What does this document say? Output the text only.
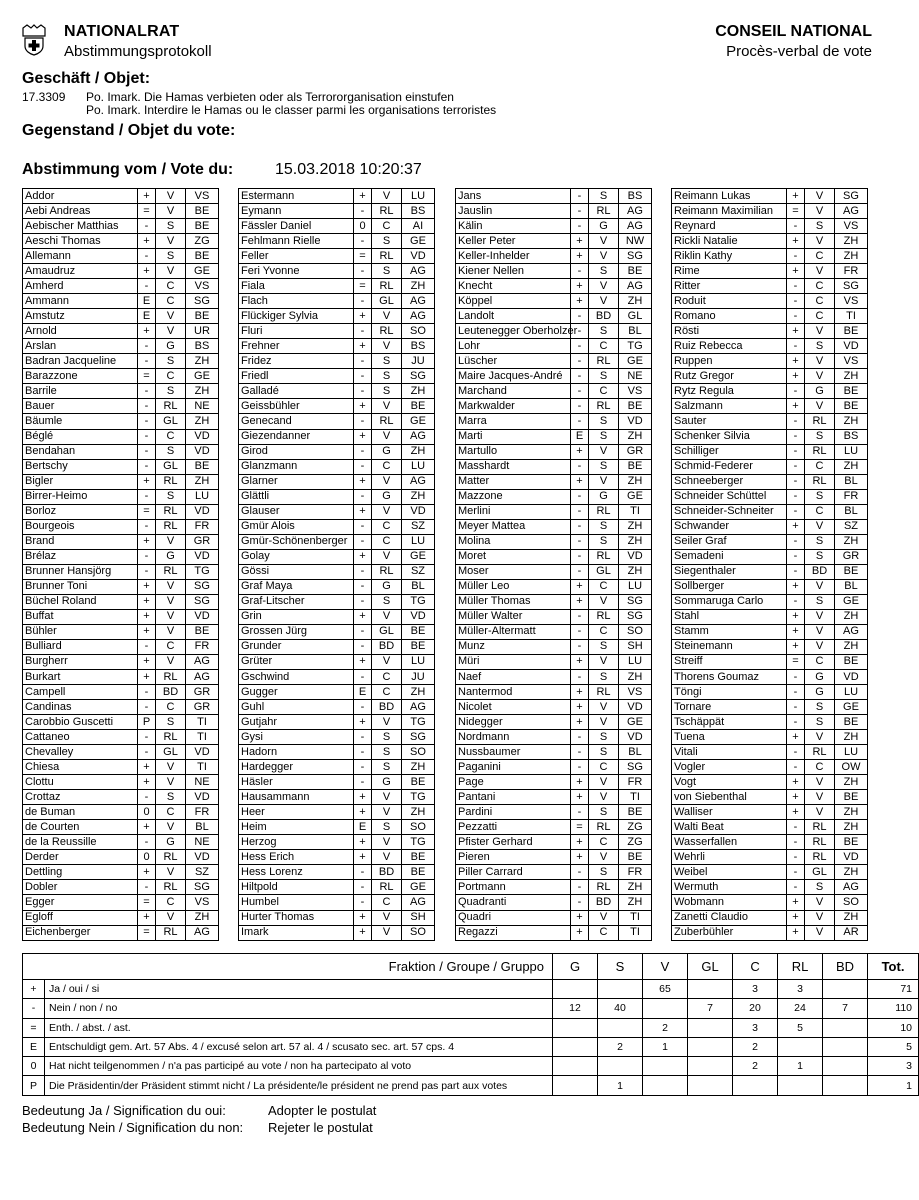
NATIONALRAT
Abstimmungsprotokoll
CONSEIL NATIONAL
Procès-verbal de vote
Geschäft / Objet:
17.3309 Po. Imark. Die Hamas verbieten oder als Terrororganisation einstufen
Po. Imark. Interdire le Hamas ou le classer parmi les organisations terroristes
Gegenstand / Objet du vote:
Abstimmung vom / Vote du:	15.03.2018 10:20:37
Addor	+	V	VS
Aebi Andreas	=	V	BE
Aebischer Matthias	-	S	BE
Aeschi Thomas	+	V	ZG
Allemann	-	S	BE
Amaudruz	+	V	GE
Amherd	-	C	VS
Ammann	E	C	SG
Amstutz	E	V	BE
Arnold	+	V	UR
Arslan	-	G	BS
Badran Jacqueline	-	S	ZH
Barazzone	=	C	GE
Barrile	-	S	ZH
Bauer	-	RL	NE
Bäumle	-	GL	ZH
Béglé	-	C	VD
Bendahan	-	S	VD
Bertschy	-	GL	BE
Bigler	+	RL	ZH
Birrer-Heimo	-	S	LU
Borloz	=	RL	VD
Bourgeois	-	RL	FR
Brand	+	V	GR
Brélaz	-	G	VD
Brunner Hansjörg	-	RL	TG
Brunner Toni	+	V	SG
Büchel Roland	+	V	SG
Buffat	+	V	VD
Bühler	+	V	BE
Bulliard	-	C	FR
Burgherr	+	V	AG
Burkart	+	RL	AG
Campell	-	BD	GR
Candinas	-	C	GR
Carobbio Guscetti	P	S	TI
Cattaneo	-	RL	TI
Chevalley	-	GL	VD
Chiesa	+	V	TI
Clottu	+	V	NE
Crottaz	-	S	VD
de Buman	0	C	FR
de Courten	+	V	BL
de la Reussille	-	G	NE
Derder	0	RL	VD
Dettling	+	V	SZ
Dobler	-	RL	SG
Egger	=	C	VS
Egloff	+	V	ZH
Eichenberger	=	RL	AG
Estermann	+	V	LU
Eymann	-	RL	BS
Fässler Daniel	0	C	AI
Fehlmann Rielle	-	S	GE
Feller	=	RL	VD
Feri Yvonne	-	S	AG
Fiala	=	RL	ZH
Flach	-	GL	AG
Flückiger Sylvia	+	V	AG
Fluri	-	RL	SO
Frehner	+	V	BS
Fridez	-	S	JU
Friedl	-	S	SG
Galladé	-	S	ZH
Geissbühler	+	V	BE
Genecand	-	RL	GE
Giezendanner	+	V	AG
Girod	-	G	ZH
Glanzmann	-	C	LU
Glarner	+	V	AG
Glättli	-	G	ZH
Glauser	+	V	VD
Gmür Alois	-	C	SZ
Gmür-Schönenberger	-	C	LU
Golay	+	V	GE
Gössi	-	RL	SZ
Graf Maya	-	G	BL
Graf-Litscher	-	S	TG
Grin	+	V	VD
Grossen Jürg	-	GL	BE
Grunder	-	BD	BE
Grüter	+	V	LU
Gschwind	-	C	JU
Gugger	E	C	ZH
Guhl	-	BD	AG
Gutjahr	+	V	TG
Gysi	-	S	SG
Hadorn	-	S	SO
Hardegger	-	S	ZH
Häsler	-	G	BE
Hausammann	+	V	TG
Heer	+	V	ZH
Heim	E	S	SO
Herzog	+	V	TG
Hess Erich	+	V	BE
Hess Lorenz	-	BD	BE
Hiltpold	-	RL	GE
Humbel	-	C	AG
Hurter Thomas	+	V	SH
Imark	+	V	SO
Jans	-	S	BS
Jauslin	-	RL	AG
Kälin	-	G	AG
Keller Peter	+	V	NW
Keller-Inhelder	+	V	SG
Kiener Nellen	-	S	BE
Knecht	+	V	AG
Köppel	+	V	ZH
Landolt	-	BD	GL
Leutenegger Oberholzer	-	S	BL
Lohr	-	C	TG
Lüscher	-	RL	GE
Maire Jacques-André	-	S	NE
Marchand	-	C	VS
Markwalder	-	RL	BE
Marra	-	S	VD
Marti	E	S	ZH
Martullo	+	V	GR
Masshardt	-	S	BE
Matter	+	V	ZH
Mazzone	-	G	GE
Merlini	-	RL	TI
Meyer Mattea	-	S	ZH
Molina	-	S	ZH
Moret	-	RL	VD
Moser	-	GL	ZH
Müller Leo	+	C	LU
Müller Thomas	+	V	SG
Müller Walter	-	RL	SG
Müller-Altermatt	-	C	SO
Munz	-	S	SH
Müri	+	V	LU
Naef	-	S	ZH
Nantermod	+	RL	VS
Nicolet	+	V	VD
Nidegger	+	V	GE
Nordmann	-	S	VD
Nussbaumer	-	S	BL
Paganini	-	C	SG
Page	+	V	FR
Pantani	+	V	TI
Pardini	-	S	BE
Pezzatti	=	RL	ZG
Pfister Gerhard	+	C	ZG
Pieren	+	V	BE
Piller Carrard	-	S	FR
Portmann	-	RL	ZH
Quadranti	-	BD	ZH
Quadri	+	V	TI
Regazzi	+	C	TI
Reimann Lukas	+	V	SG
Reimann Maximilian	=	V	AG
Reynard	-	S	VS
Rickli Natalie	+	V	ZH
Riklin Kathy	-	C	ZH
Rime	+	V	FR
Ritter	-	C	SG
Roduit	-	C	VS
Romano	-	C	TI
Rösti	+	V	BE
Ruiz Rebecca	-	S	VD
Ruppen	+	V	VS
Rutz Gregor	+	V	ZH
Rytz Regula	-	G	BE
Salzmann	+	V	BE
Sauter	-	RL	ZH
Schenker Silvia	-	S	BS
Schilliger	-	RL	LU
Schmid-Federer	-	C	ZH
Schneeberger	-	RL	BL
Schneider Schüttel	-	S	FR
Schneider-Schneiter	-	C	BL
Schwander	+	V	SZ
Seiler Graf	-	S	ZH
Semadeni	-	S	GR
Siegenthaler	-	BD	BE
Sollberger	+	V	BL
Sommaruga Carlo	-	S	GE
Stahl	+	V	ZH
Stamm	+	V	AG
Steinemann	+	V	ZH
Streiff	=	C	BE
Thorens Goumaz	-	G	VD
Töngi	-	G	LU
Tornare	-	S	GE
Tschäppät	-	S	BE
Tuena	+	V	ZH
Vitali	-	RL	LU
Vogler	-	C	OW
Vogt	+	V	ZH
von Siebenthal	+	V	BE
Walliser	+	V	ZH
Walti Beat	-	RL	ZH
Wasserfallen	-	RL	BE
Wehrli	-	RL	VD
Weibel	-	GL	ZH
Wermuth	-	S	AG
Wobmann	+	V	SO
Zanetti Claudio	+	V	ZH
Zuberbühler	+	V	AR
Fraktion / Groupe / Gruppo		G	S	V	GL	C	RL	BD	Tot.
+	Ja / oui / si			65		3	3		71
-	Nein / non / no	12	40		7	20	24	7	110
=	Enth. / abst. / ast.			2		3	5		10
E	Entschuldigt gem. Art. 57 Abs. 4 / excusé selon art. 57 al. 4 / scusato sec. art. 57 cps. 4		2	1		2			5
0	Hat nicht teilgenommen / n'a pas participé au vote / non ha partecipato al voto					2	1		3
P	Die Präsidentin/der Präsident stimmt nicht / La présidente/le président ne prend pas part aux votes		1						1
Bedeutung Ja / Signification du oui:	Adopter le postulat
Bedeutung Nein / Signification du non: Rejeter le postulat
